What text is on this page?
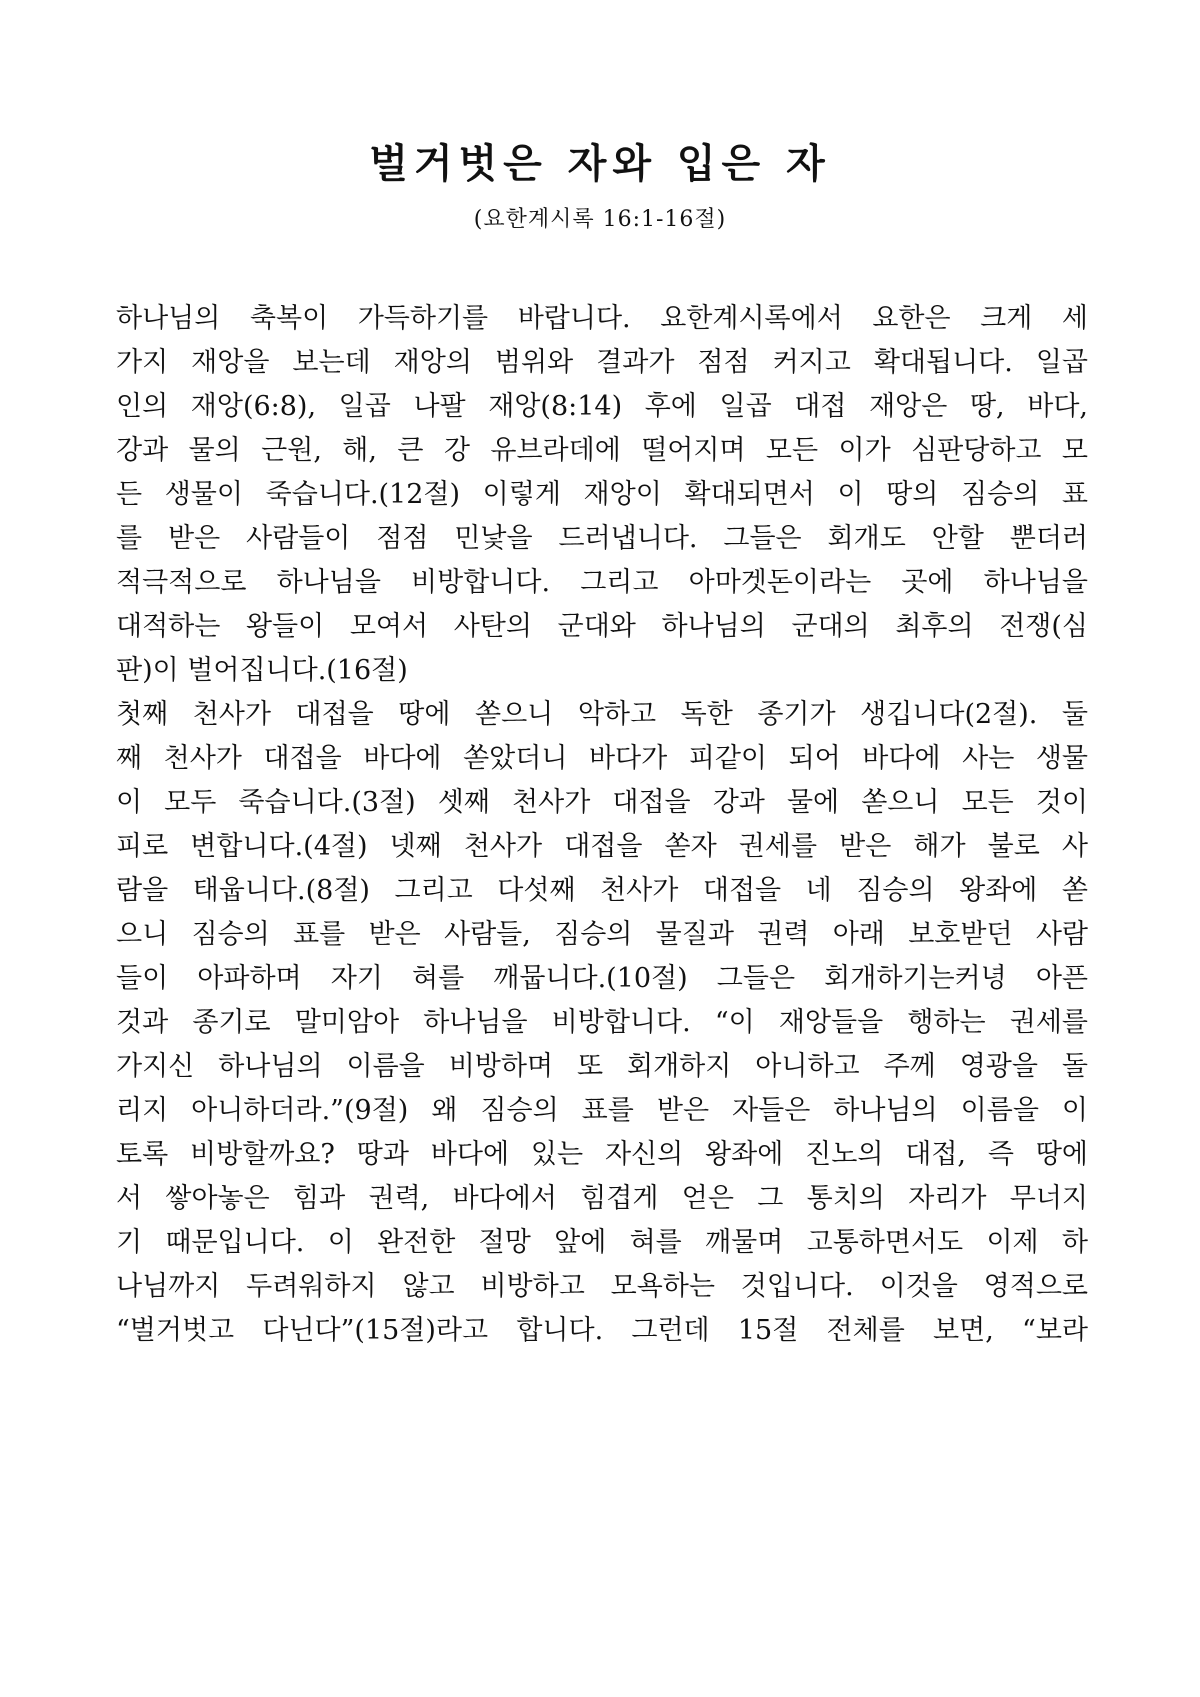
벌거벗은 자와 입은 자
(요한계시록 16:1-16절)
하나님의 축복이 가득하기를 바랍니다. 요한계시록에서 요한은 크게 세
가지 재앙을 보는데 재앙의 범위와 결과가 점점 커지고 확대됩니다. 일곱
인의 재앙(6:8), 일곱 나팔 재앙(8:14) 후에 일곱 대접 재앙은 땅, 바다,
강과 물의 근원, 해, 큰 강 유브라데에 떨어지며 모든 이가 심판당하고 모
든 생물이 죽습니다.(12절) 이렇게 재앙이 확대되면서 이 땅의 짐승의 표
를 받은 사람들이 점점 민낯을 드러냅니다. 그들은 회개도 안할 뿐더러
적극적으로 하나님을 비방합니다. 그리고 아마겟돈이라는 곳에 하나님을
대적하는 왕들이 모여서 사탄의 군대와 하나님의 군대의 최후의 전쟁(심
판)이 벌어집니다.(16절)
첫째 천사가 대접을 땅에 쏟으니 악하고 독한 종기가 생깁니다(2절). 둘
째 천사가 대접을 바다에 쏟았더니 바다가 피같이 되어 바다에 사는 생물
이 모두 죽습니다.(3절) 셋째 천사가 대접을 강과 물에 쏟으니 모든 것이
피로 변합니다.(4절) 넷째 천사가 대접을 쏟자 권세를 받은 해가 불로 사
람을 태웁니다.(8절) 그리고 다섯째 천사가 대접을 네 짐승의 왕좌에 쏟
으니 짐승의 표를 받은 사람들, 짐승의 물질과 권력 아래 보호받던 사람
들이 아파하며 자기 혀를 깨뭅니다.(10절) 그들은 회개하기는커녕 아픈
것과 종기로 말미암아 하나님을 비방합니다. “이 재앙들을 행하는 권세를
가지신 하나님의 이름을 비방하며 또 회개하지 아니하고 주께 영광을 돌
리지 아니하더라.”(9절) 왜 짐승의 표를 받은 자들은 하나님의 이름을 이
토록 비방할까요? 땅과 바다에 있는 자신의 왕좌에 진노의 대접, 즉 땅에
서 쌓아놓은 힘과 권력, 바다에서 힘겹게 얻은 그 통치의 자리가 무너지
기 때문입니다. 이 완전한 절망 앞에 혀를 깨물며 고통하면서도 이제 하
나님까지 두려워하지 않고 비방하고 모욕하는 것입니다. 이것을 영적으로
“벌거벗고 다닌다”(15절)라고 합니다. 그런데 15절 전체를 보면, “보라
